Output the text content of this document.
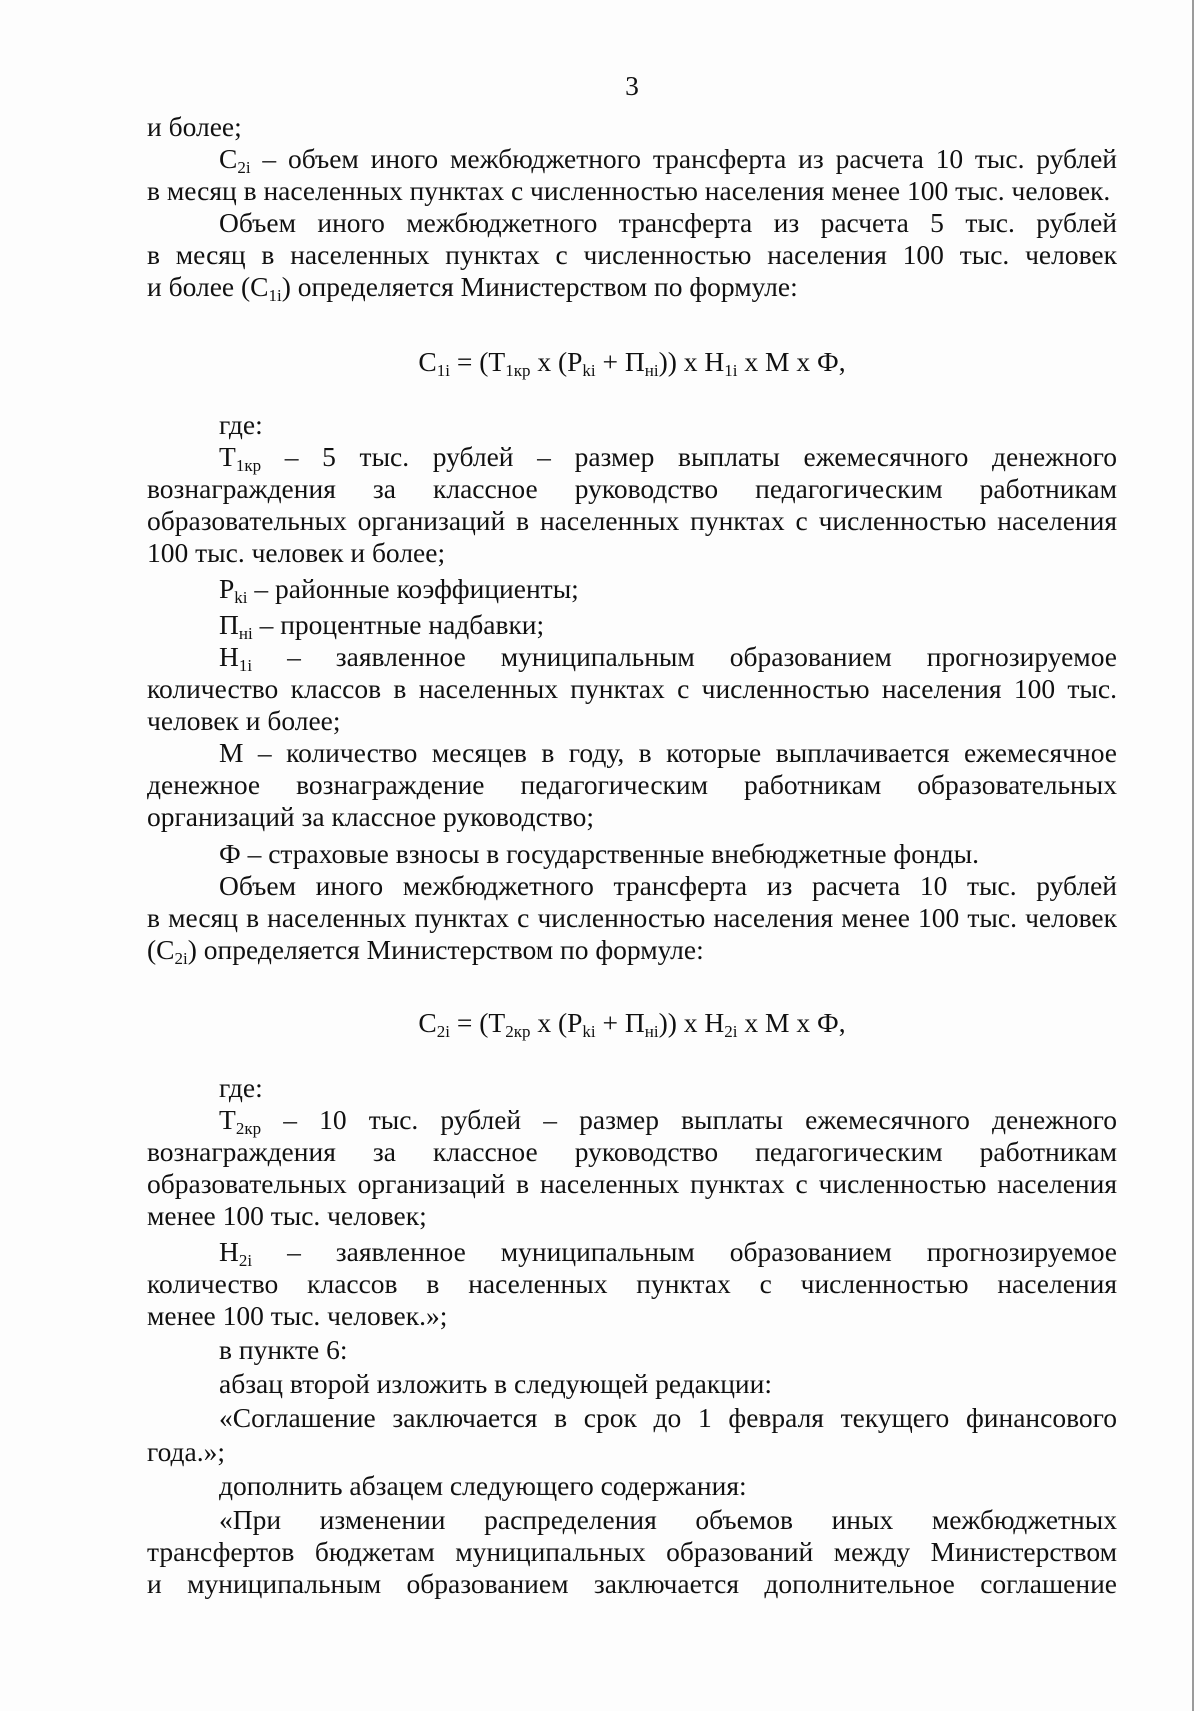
3
и более;
$C_{2i}$ – объем иного межбюджетного трансферта из расчета 10 тыс. рублей
в месяц в населенных пунктах с численностью населения менее 100 тыс. человек.
Объем иного межбюджетного трансферта из расчета 5 тыс. рублей
в месяц в населенных пунктах с численностью населения 100 тыс. человек
и более $(C_{1i})$ определяется Министерством по формуле:
$C_{1i} = (T_{1кр}$ x $(P_{ki} + П_{нi})$) x $H_{1i}$ x M x Ф,
где:
$T_{1кр} - 5$ тыс. рублей – размер выплаты ежемесячного денежного
вознаграждения за классное руководство педагогическим работникам
образовательных организаций в населенных пунктах с численностью населения
100 тыс. человек и более;
$P_{ki}$ – районные коэффициенты;
$П_{нi}$ – процентные надбавки;
$H_{1i}$ – заявленное муниципальным образованием прогнозируемое
количество классов в населенных пунктах с численностью населения 100 тыс.
человек и более;
M – количество месяцев в году, в которые выплачивается ежемесячное
денежное вознаграждение педагогическим работникам образовательных
организаций за классное руководство;
Ф – страховые взносы в государственные внебюджетные фонды.
Объем иного межбюджетного трансферта из расчета 10 тыс. рублей
в месяц в населенных пунктах с численностью населения менее 100 тыс. человек
$(C_{2i})$ определяется Министерством по формуле:
$C_{2i} = (T_{2кр}$ x $(P_{ki} + П_{нi})$) x $H_{2i}$ x M x Ф,
где:
$T_{2кр} - 10$ тыс. рублей – размер выплаты ежемесячного денежного
вознаграждения за классное руководство педагогическим работникам
образовательных организаций в населенных пунктах с численностью населения
менее 100 тыс. человек;
$H_{2i}$ – заявленное муниципальным образованием прогнозируемое
количество классов в населенных пунктах с численностью населения
менее 100 тыс. человек.»;
в пункте 6:
абзац второй изложить в следующей редакции:
«Соглашение заключается в срок до 1 февраля текущего финансового
года.»;
дополнить абзацем следующего содержания:
«При изменении распределения объемов иных межбюджетных
трансфертов бюджетам муниципальных образований между Министерством
и муниципальным образованием заключается дополнительное соглашение
